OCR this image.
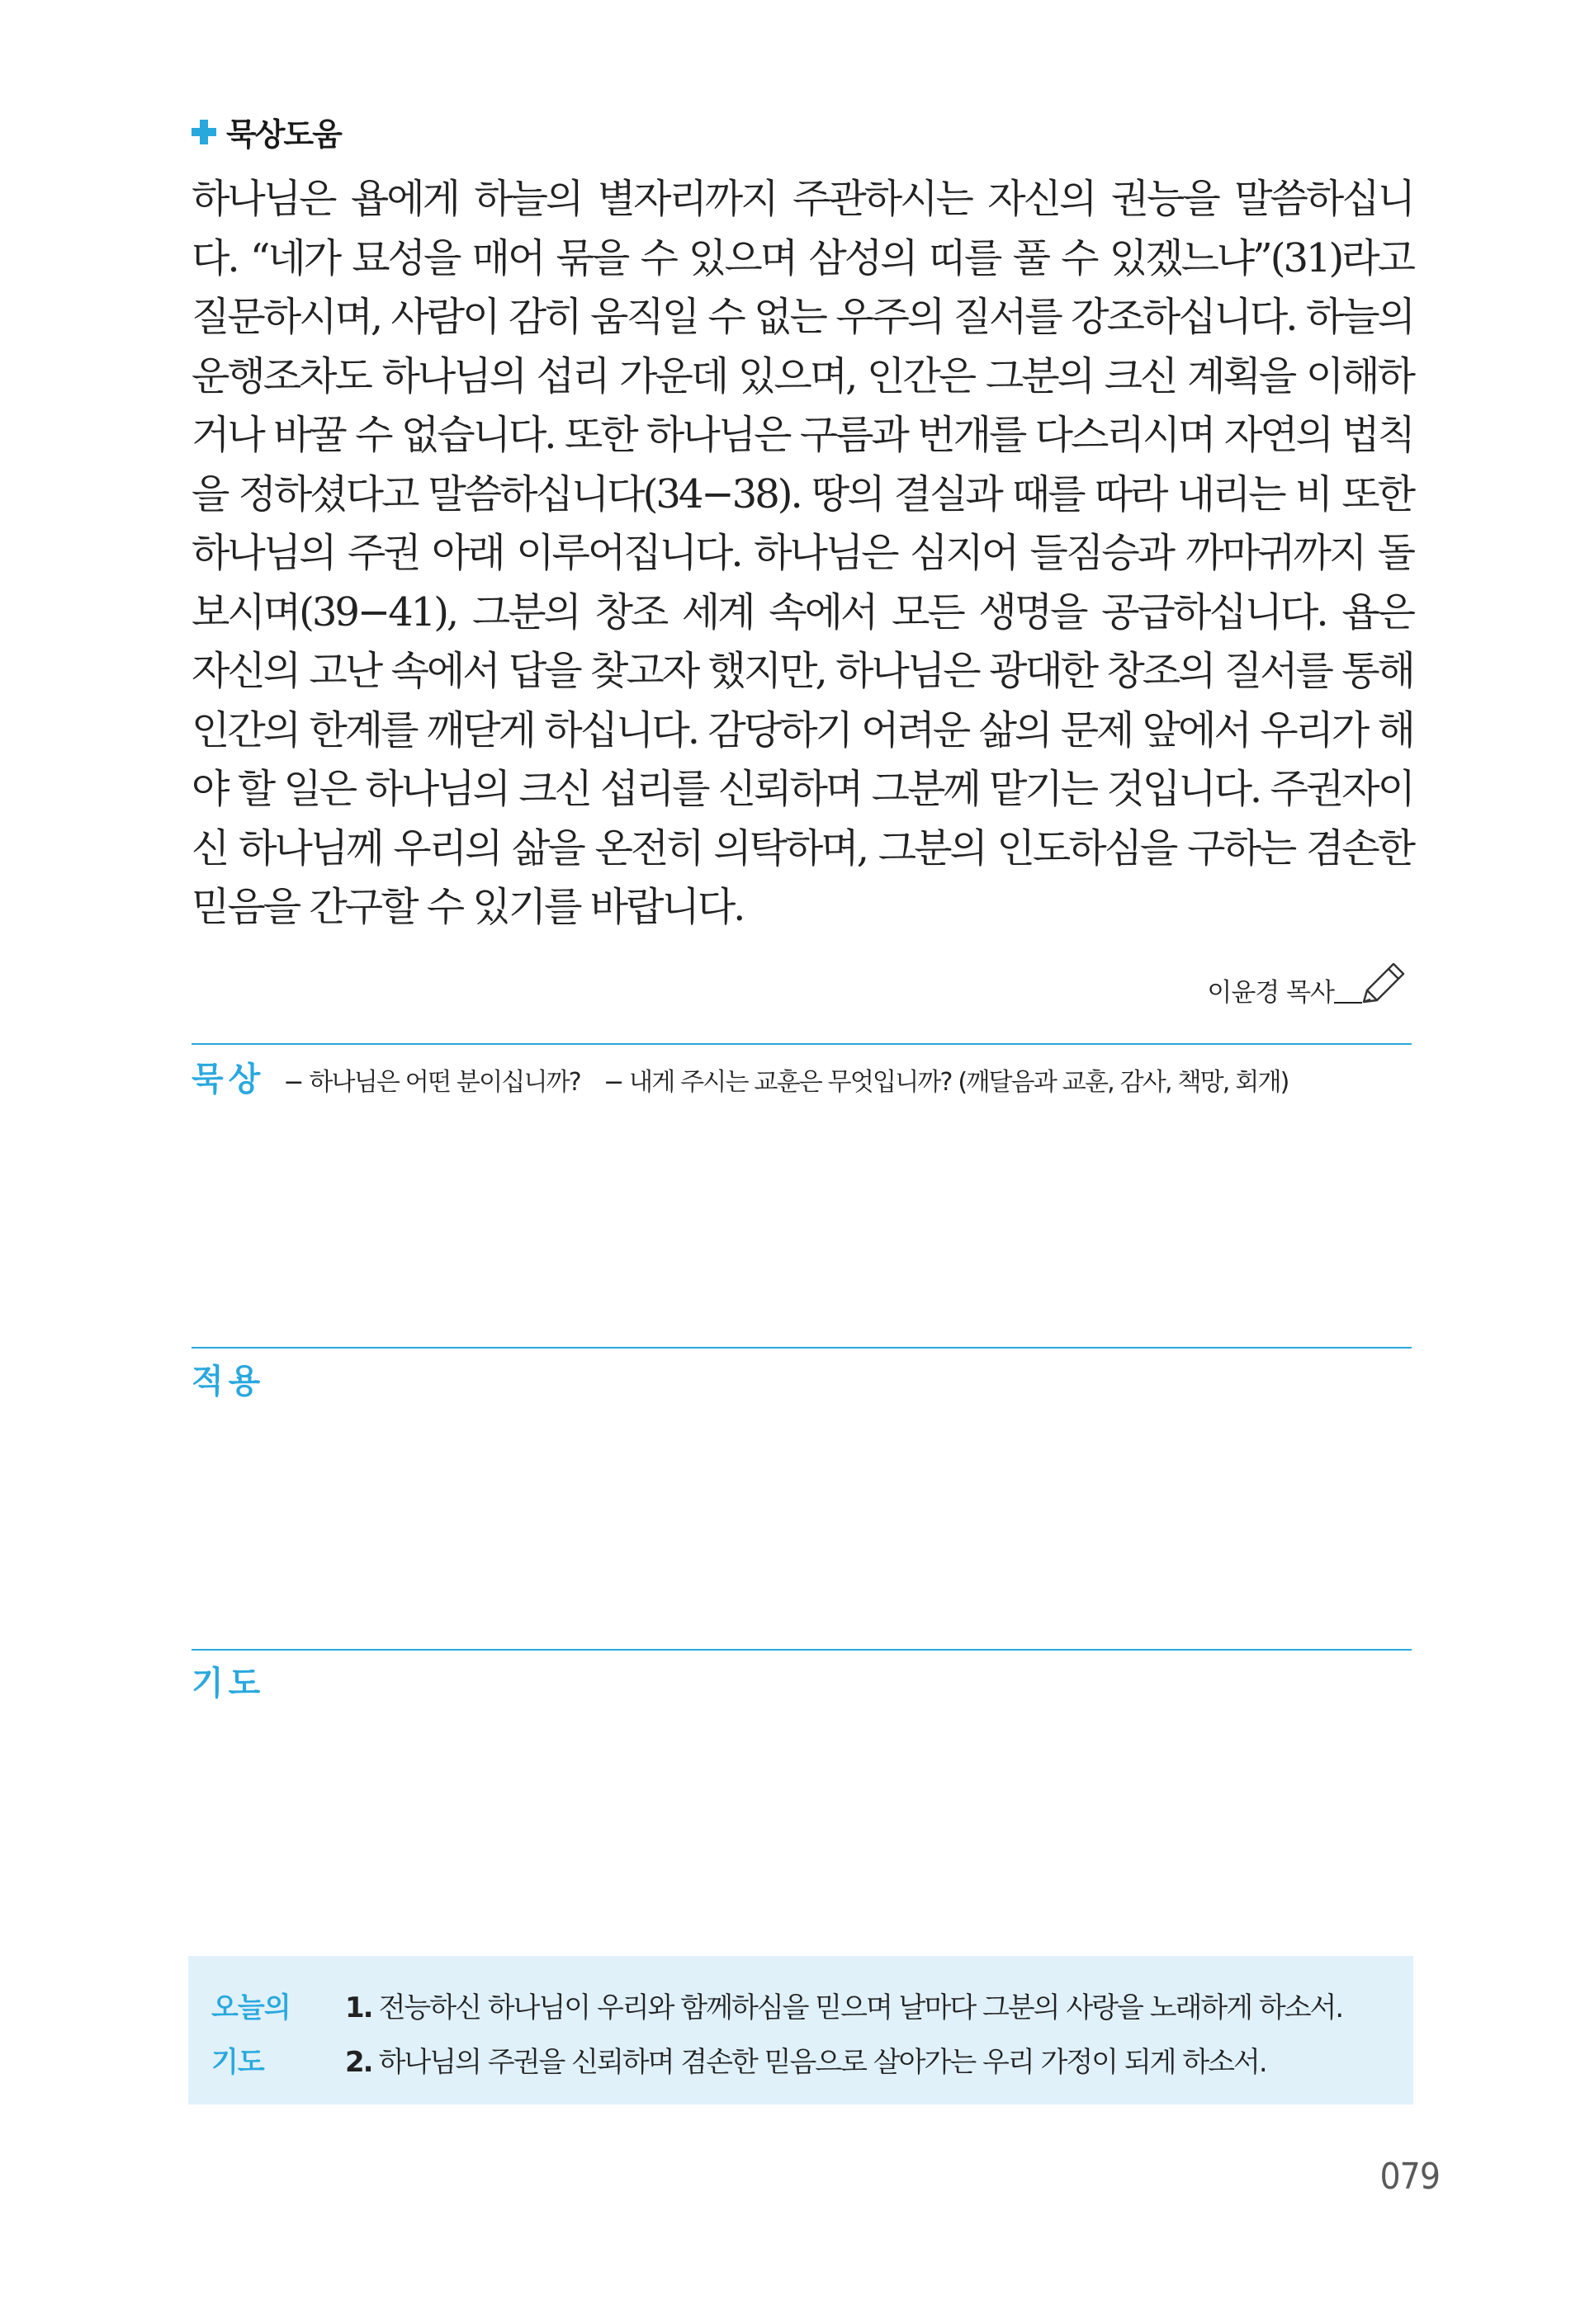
묵상도움
하나님은 욥에게 하늘의 별자리까지 주관하시는 자신의 권능을 말씀하십니다. “네가 묘성을 매어 묶을 수 있으며 삼성의 띠를 풀 수 있겠느냐”(31)라고 질문하시며, 사람이 감히 움직일 수 없는 우주의 질서를 강조하십니다. 하늘의 운행조차도 하나님의 섭리 가운데 있으며, 인간은 그분의 크신 계획을 이해하거나 바꿀 수 없습니다. 또한 하나님은 구름과 번개를 다스리시며 자연의 법칙을 정하셨다고 말씀하십니다(34−38). 땅의 결실과 때를 따라 내리는 비 또한 하나님의 주권 아래 이루어집니다. 하나님은 심지어 들짐승과 까마귀까지 돌보시며(39−41), 그분의 창조 세계 속에서 모든 생명을 공급하십니다. 욥은 자신의 고난 속에서 답을 찾고자 했지만, 하나님은 광대한 창조의 질서를 통해 인간의 한계를 깨닫게 하십니다. 감당하기 어려운 삶의 문제 앞에서 우리가 해야 할 일은 하나님의 크신 섭리를 신뢰하며 그분께 맡기는 것입니다. 주권자이신 하나님께 우리의 삶을 온전히 의탁하며, 그분의 인도하심을 구하는 겸손한 믿음을 간구할 수 있기를 바랍니다.
이윤경 목사
묵상 − 하나님은 어떤 분이십니까? − 내게 주시는 교훈은 무엇입니까? (깨달음과 교훈, 감사, 책망, 회개)
적용
기도
오늘의
기도
1. 전능하신 하나님이 우리와 함께하심을 믿으며 날마다 그분의 사랑을 노래하게 하소서.
2. 하나님의 주권을 신뢰하며 겸손한 믿음으로 살아가는 우리 가정이 되게 하소서.
079
